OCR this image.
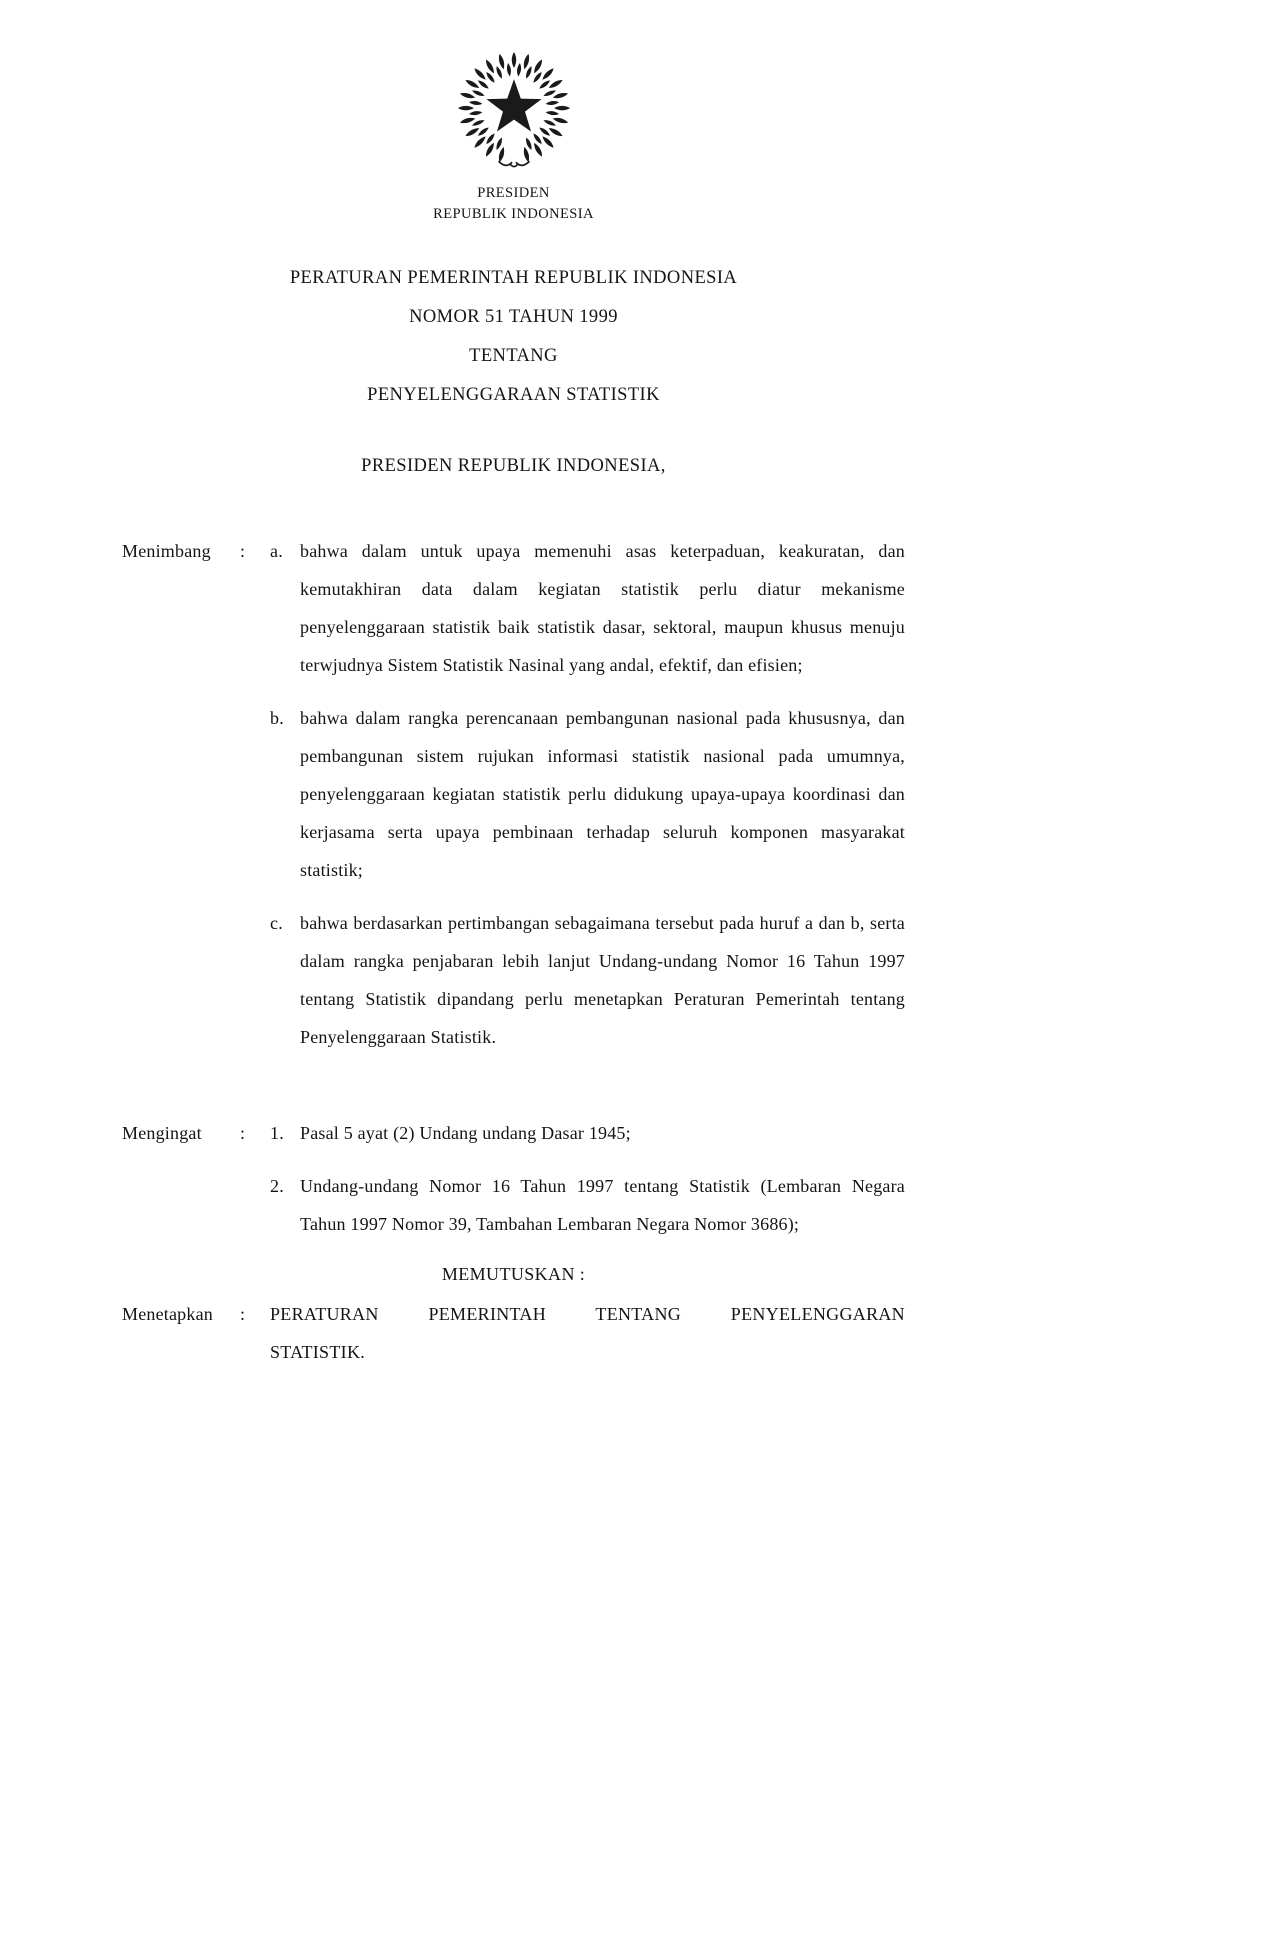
PRESIDEN
REPUBLIK INDONESIA
PERATURAN PEMERINTAH REPUBLIK INDONESIA
NOMOR 51 TAHUN 1999
TENTANG
PENYELENGGARAAN STATISTIK
PRESIDEN REPUBLIK INDONESIA,
Menimbang	:	a. bahwa dalam untuk upaya memenuhi asas keterpaduan, keakuratan, dan kemutakhiran data dalam kegiatan statistik perlu diatur mekanisme penyelenggaraan statistik baik statistik dasar, sektoral, maupun khusus menuju terwjudnya Sistem Statistik Nasinal yang andal, efektif, dan efisien;
b. bahwa dalam rangka perencanaan pembangunan nasional pada khususnya, dan pembangunan sistem rujukan informasi statistik nasional pada umumnya, penyelenggaraan kegiatan statistik perlu didukung upaya-upaya koordinasi dan kerjasama serta upaya pembinaan terhadap seluruh komponen masyarakat statistik;
c. bahwa berdasarkan pertimbangan sebagaimana tersebut pada huruf a dan b, serta dalam rangka penjabaran lebih lanjut Undang-undang Nomor 16 Tahun 1997 tentang Statistik dipandang perlu menetapkan Peraturan Pemerintah tentang Penyelenggaraan Statistik.
Mengingat	:	1. Pasal 5 ayat (2) Undang undang Dasar 1945;
2. Undang-undang Nomor 16 Tahun 1997 tentang Statistik (Lembaran Negara Tahun 1997 Nomor 39, Tambahan Lembaran Negara Nomor 3686);
MEMUTUSKAN :
Menetapkan	:	PERATURAN PEMERINTAH TENTANG PENYELENGGARAN STATISTIK.
